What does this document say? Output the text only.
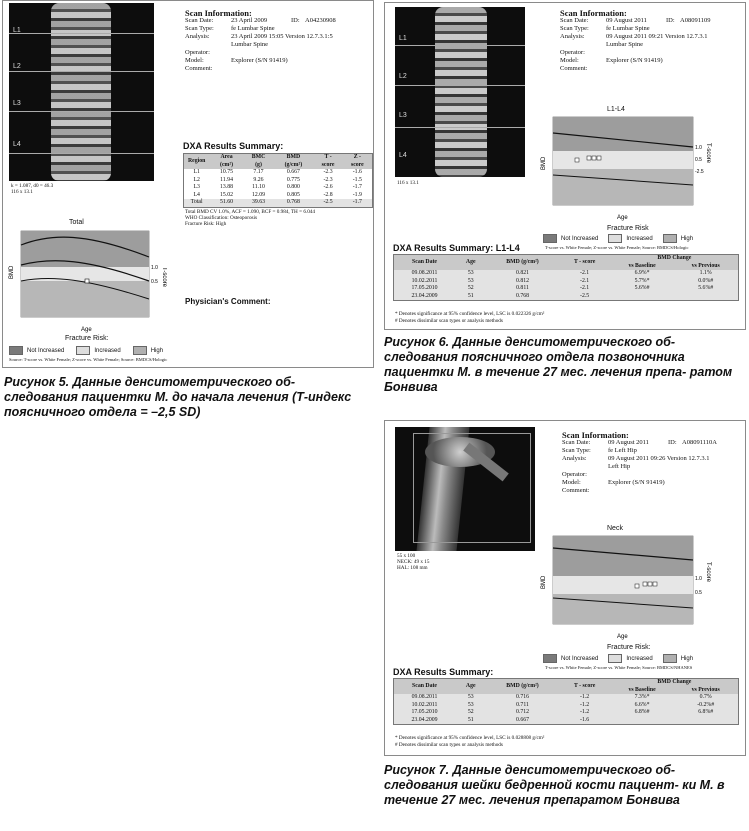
L1
L2
L3
L4
k = 1.087, d0 = 46.3
116 x 13.1
Scan Information:
Scan Date:	23 April 2009	ID: A04230908
Scan Type:	fe Lumbar Spine
Analysis:	23 April 2009 15:05 Version 12.7.3.1:5
Lumbar Spine
Operator:
Model:	Explorer (S/N 91419)
Comment:
DXA Results Summary:
Region	Area (cm²)	BMC (g)	BMD (g/cm²)	T - score	Z - score
L1	10.75	7.17	0.667	-2.3	-1.6
L2	11.94	9.26	0.775	-2.3	-1.5
L3	13.88	11.10	0.800	-2.6	-1.7
L4	15.02	12.09	0.805	-2.8	-1.9
Total	51.60	39.63	0.768	-2.5	-1.7
Total BMD CV 1.0%, ACF = 1.090, BCF = 0.984, TH = 6.044
WHO Classification: Osteoporosis
Fracture Risk: High
Total
BMD	1.0
0.5 T-score
Age
Fracture Risk:
Not Increased	Increased	High
Source: T-score vs. White Female; Z-score vs. White Female; Source: BMDCS/Hologic
Physician's Comment:
Рисунок 5. Данные денситометрического об- следования пациентки М. до начала лечения (Т-индекс поясничного отдела = –2,5 SD)
L1
L2
L3
L4
116 x 13.1
Scan Information:
Scan Date:	09 August 2011	ID: A08091109
Scan Type:	fe Lumbar Spine
Analysis:	09 August 2011 09:21 Version 12.7.3.1
Lumbar Spine
Operator:
Model:	Explorer (S/N 91419)
Comment:
L1-L4
BMD
1.0
0.5
-2.5
T-score
Age
Fracture Risk
Not Increased	Increased	High
T-score vs. White Female; Z-score vs. White Female; Source: BMDCS/Hologic
DXA Results Summary: L1-L4
Scan Date	Age	BMD (g/cm²)	T - score	BMD Change	
				vs Baseline	vs Previous
09.08.2011	53	0.821	-2.1	6.9%*	1.1%
10.02.2011	53	0.812	-2.1	5.7%*	0.0%#
17.05.2010	52	0.811	-2.1	5.6%#	5.6%#
23.04.2009	51	0.768	-2.5		
* Denotes significance at 95% confidence level, LSC is 0.022326 g/cm²
# Denotes dissimilar scan types or analysis methods
Рисунок 6. Данные денситометрического об- следования поясничного отдела позвоночника пациентки М. в течение 27 мес. лечения препа- ратом Бонвива
55 x 100
NECK: 49 x 15
HAL: 108 mm
Scan Information:
Scan Date:	09 August 2011	ID: A08091110A
Scan Type:	fe Left Hip
Analysis:	09 August 2011 09:26 Version 12.7.3.1
Left Hip
Operator:
Model:	Explorer (S/N 91419)
Comment:
Neck
BMD	1.0
0.5
T-score
Age
Fracture Risk:
Not Increased	Increased	High
T-score vs. White Female; Z-score vs. White Female; Source: BMDCS/NHANES
DXA Results Summary:
Scan Date	Age	BMD (g/cm²)	T - score	BMD Change	
				vs Baseline	vs Previous
09.08.2011	53	0.716	-1.2	7.3%*	0.7%
10.02.2011	53	0.711	-1.2	6.6%*	-0.2%#
17.05.2010	52	0.712	-1.2	6.8%#	6.8%#
23.04.2009	51	0.667	-1.6		
* Denotes significance at 95% confidence level, LSC is 0.028808 g/cm²
# Denotes dissimilar scan types or analysis methods
Рисунок 7. Данные денситометрического об- следования шейки бедренной кости пациент- ки М. в течение 27 мес. лечения препаратом Бонвива
